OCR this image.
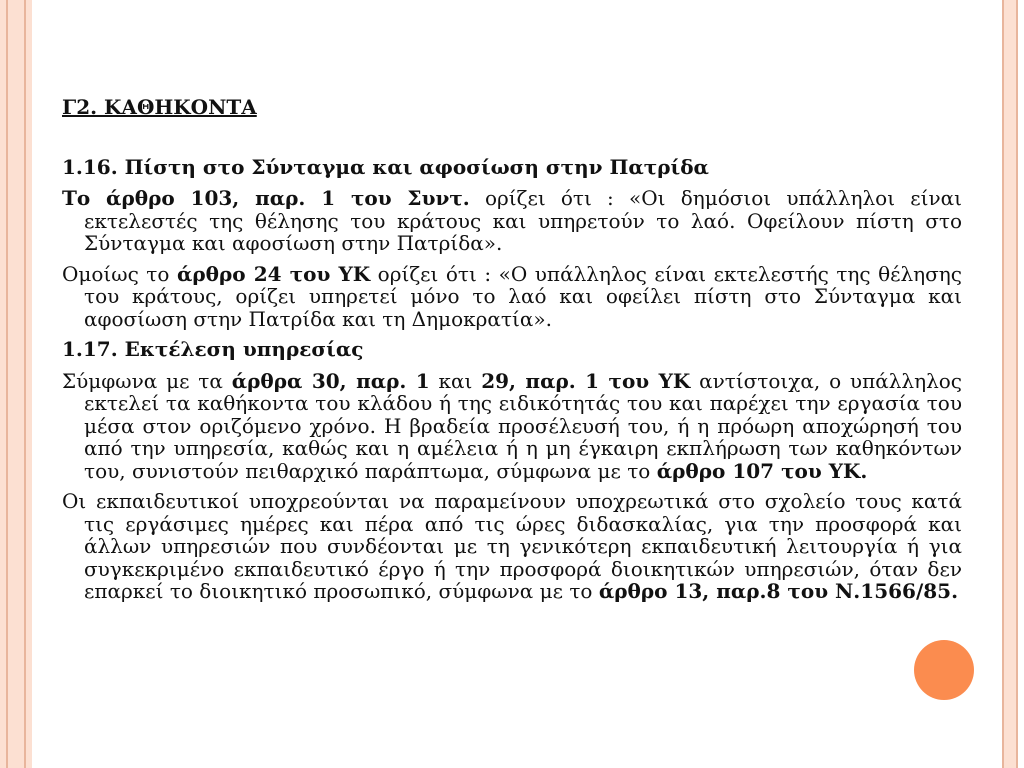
Γ2. ΚΑΘΗΚΟΝΤΑ
1.16. Πίστη στο Σύνταγμα και αφοσίωση στην Πατρίδα

Το άρθρο 103, παρ. 1 του Συντ. ορίζει ότι : «Οι δημόσιοι υπάλληλοι είναι εκτελεστές της θέλησης του κράτους και υπηρετούν το λαό. Οφείλουν πίστη στο Σύνταγμα και αφοσίωση στην Πατρίδα».

Ομοίως το άρθρο 24 του ΥΚ ορίζει ότι : «Ο υπάλληλος είναι εκτελεστής της θέλησης του κράτους, ορίζει υπηρετεί μόνο το λαό και οφείλει πίστη στο Σύνταγμα και αφοσίωση στην Πατρίδα και τη Δημοκρατία».

1.17. Εκτέλεση υπηρεσίας

Σύμφωνα με τα άρθρα 30, παρ. 1 και 29, παρ. 1 του ΥΚ αντίστοιχα, ο υπάλληλος εκτελεί τα καθήκοντα του κλάδου ή της ειδικότητάς του και παρέχει την εργασία του μέσα στον οριζόμενο χρόνο. Η βραδεία προσέλευσή του, ή η πρόωρη αποχώρησή του από την υπηρεσία, καθώς και η αμέλεια ή η μη έγκαιρη εκπλήρωση των καθηκόντων του, συνιστούν πειθαρχικό παράπτωμα, σύμφωνα με το άρθρο 107 του ΥΚ.

Οι εκπαιδευτικοί υποχρεούνται να παραμείνουν υποχρεωτικά στο σχολείο τους κατά τις εργάσιμες ημέρες και πέρα από τις ώρες διδασκαλίας, για την προσφορά και άλλων υπηρεσιών που συνδέονται με τη γενικότερη εκπαιδευτική λειτουργία ή για συγκεκριμένο εκπαιδευτικό έργο ή την προσφορά διοικητικών υπηρεσιών, όταν δεν επαρκεί το διοικητικό προσωπικό, σύμφωνα με το άρθρο 13, παρ.8 του Ν.1566/85.
